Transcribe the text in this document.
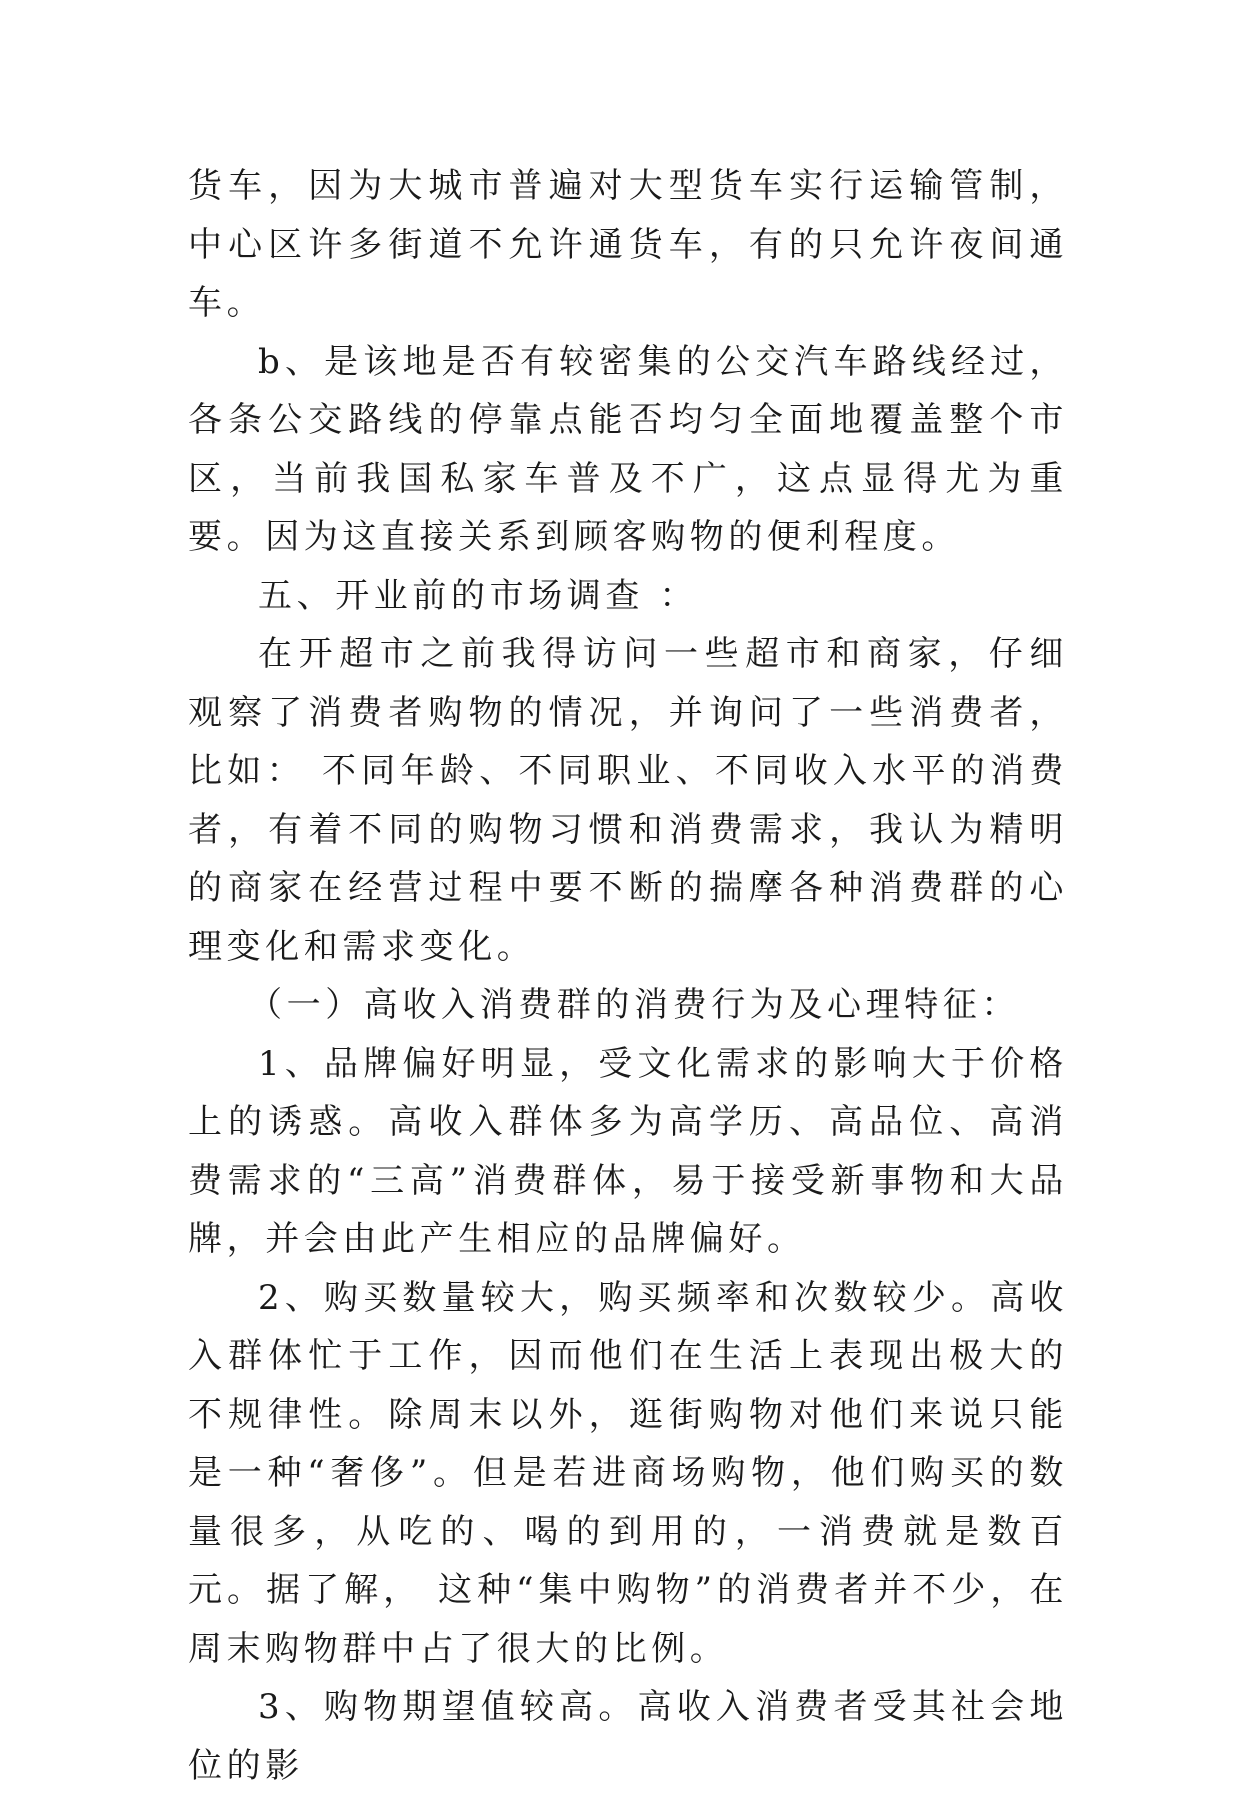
货车，因为大城市普遍对大型货车实行运输管制，中心区许多街道不允许通货车，有的只允许夜间通车。

b、是该地是否有较密集的公交汽车路线经过，各条公交路线的停靠点能否均匀全面地覆盖整个市区，当前我国私家车普及不广，这点显得尤为重要。因为这直接关系到顾客购物的便利程度。

五、开业前的市场调查 ：

在开超市之前我得访问一些超市和商家，仔细观察了消费者购物的情况，并询问了一些消费者，比如： 不同年龄、不同职业、不同收入水平的消费者，有着不同的购物习惯和消费需求，我认为精明的商家在经营过程中要不断的揣摩各种消费群的心理变化和需求变化。

（一）高收入消费群的消费行为及心理特征：

1、品牌偏好明显，受文化需求的影响大于价格上的诱惑。高收入群体多为高学历、高品位、高消费需求的“三高”消费群体，易于接受新事物和大品牌，并会由此产生相应的品牌偏好。

2、购买数量较大，购买频率和次数较少。高收入群体忙于工作，因而他们在生活上表现出极大的不规律性。除周末以外，逛街购物对他们来说只能是一种“奢侈”。但是若进商场购物，他们购买的数量很多，从吃的、喝的到用的，一消费就是数百元。据了解， 这种“集中购物”的消费者并不少，在周末购物群中占了很大的比例。

3、购物期望值较高。高收入消费者受其社会地位的影
